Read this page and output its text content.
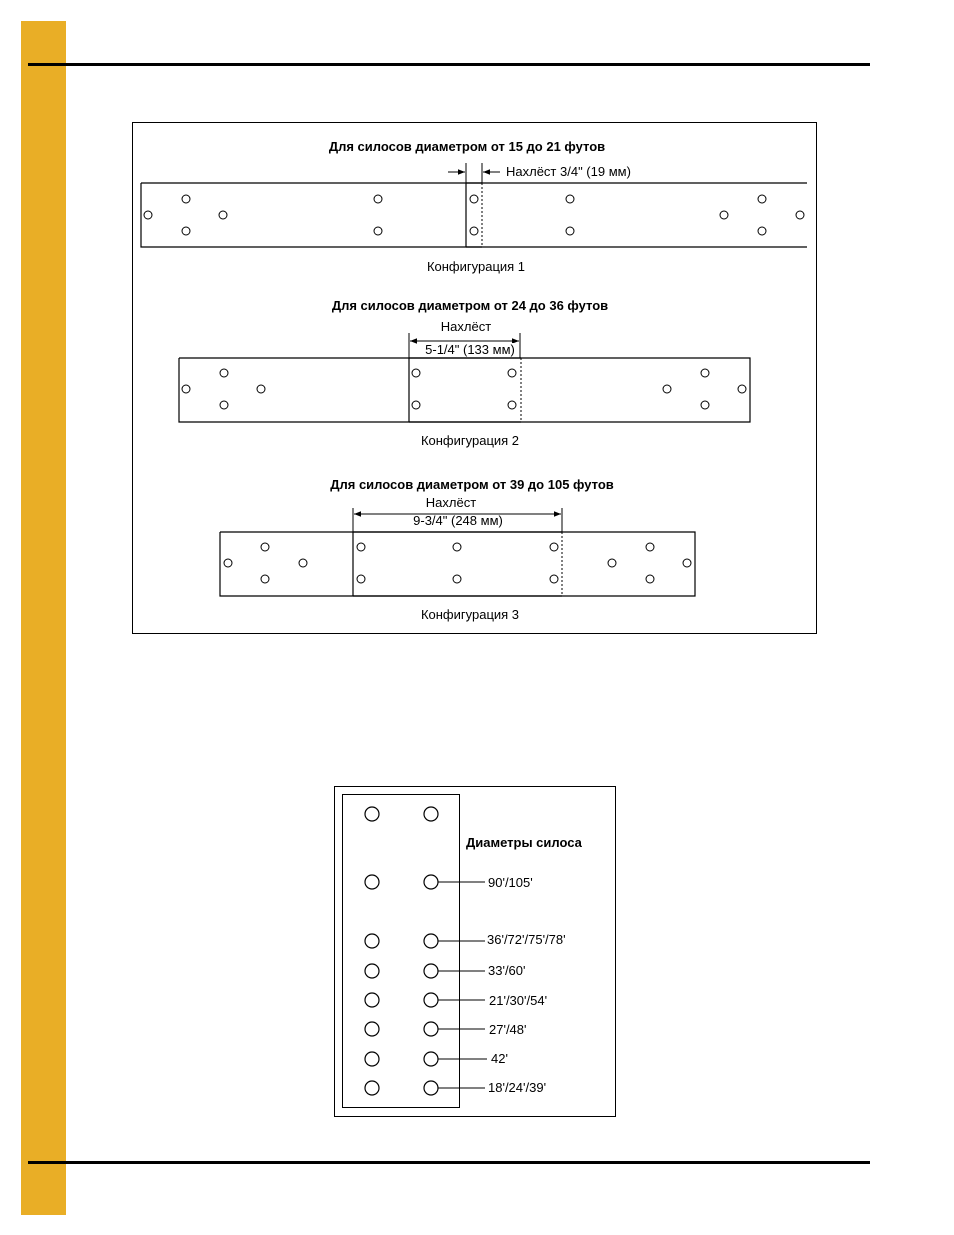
Для силосов диаметром от 15 до 21 футов
Нахлёст 3/4" (19 мм)
Конфигурация 1
Для силосов диаметром от 24 до 36 футов
Нахлёст
5-1/4" (133 мм)
Конфигурация 2
Для силосов диаметром от 39 до 105 футов
Нахлёст
9-3/4" (248 мм)
Конфигурация 3
Диаметры силоса
90'/105'
36'/72'/75'/78'
33'/60'
21'/30'/54'
27'/48'
42'
18'/24'/39'
